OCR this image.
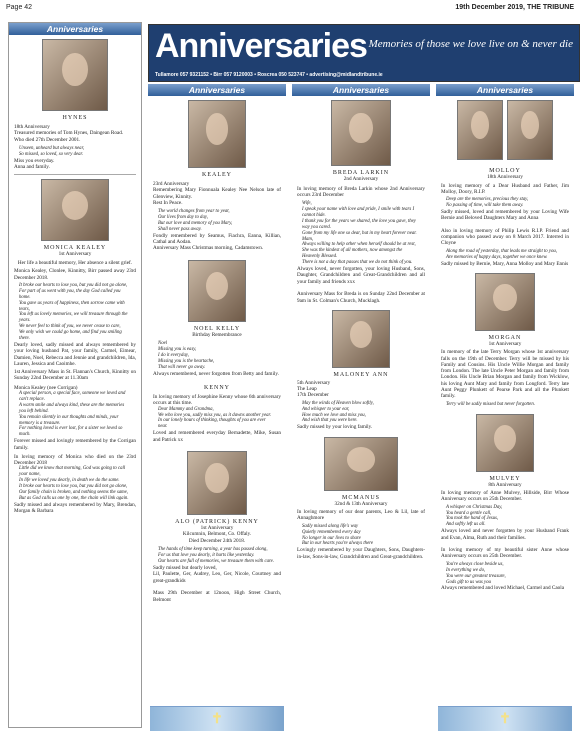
Page 42	19th December 2019, THE TRIBUNE
Anniversaries
HYNES
18th Anniversary
Treasured memories of Tom Hynes, Daingean Road.
Who died 27th December 2001.
Unseen, unheard but always near,
So missed, so loved, so very dear.
Miss you everyday.
Anna and family.
MONICA KEALEY
1st Anniversary
Her life a beautiful memory, Her absence a silent grief.
Monica Kealey, Clonlee, Kinnitty, Birr passed away 23rd December 2018.
It broke our hearts to lose you, but you did not go alone,
For part of us went with you, the day God called you home.
You gave us years of happiness, then sorrow came with tears,
You left us lovely memories, we will treasure through the years.
We never feel to think of you, we never cease to care,
We only wish we could go home, and find you smiling there.
Dearly loved, sadly missed and always remembered by your loving husband Pat, your family, Carmel, Eimear, Damien, Noel, Rebecca and Jennie and grandchildren, Ida, Lauren, Jessica and Caoimhe.
1st Anniversary Mass in St. Flannan's Church, Kinnitty on Sunday 22nd December at 11.30am
Monica Kealey (nee Corrigan)
A special person, a special face, someone we loved and can't replace.
A warm smile and always kind, these are the memories you left behind.
You remain silently in our thoughts and minds, your memory is a treasure.
For nothing loved is ever lost, for a sister we loved so much.
Forever missed and lovingly remembered by the Corrigan family.
In loving memory of Monica who died on the 23rd December 2018
Little did we know that morning, God was going to call your name,
In life we loved you dearly, in death we do the same.
It broke our hearts to lose you, but you did not go alone,
Our family chain is broken, and nothing seems the same,
But as God calls us one by one, the chain will link again.
Sadly missed and always remembered by Mary, Brendan, Morgan & Barbara
Anniversaries Memories of those we love live on & never die
Tullamore 057 9321152 • Birr 057 9120003 • Roscrea 050 523747 • advertising@midlandtribune.ie
Anniversaries
KEALEY
23rd Anniversary
Remembering Mary Fionnuala Kealey Nee Nelson late of Glenview, Kinnity.
Rest In Peace.
The world changes from year to year,
Our lives from day to day,
But our love and memory of you Mary,
Shall never pass away.
Fondly remembered by Seamus, Fiachra, Eanna, Killian, Cathal and Aodan.
Anniversary Mass Christmas morning, Cadamstown.
NOEL KELLY
Birthday Remembrance
Noel
Missing you is easy,
I do it everyday,
Missing you is the heartache,
That will never go away.
Always remembered, never forgotten from Betty and family.
KENNY
In loving memory of Josephine Kenny whose 6th anniversary occurs at this time.
Dear Mammy and Grandma,
We who love you, sadly miss you, as it dawns another year.
In our lonely hours of thinking, thoughts of you are ever near.
Loved and remembered everyday Bernadette, Mike, Susan and Patrick xx
ALO (PATRICK) KENNY
1st Anniversary
Kilcumnin, Belmont, Co. Offaly.
Died December 24th 2018.
The hands of time keep turning, a year has passed along,
For us that love you dearly, it hurts like yesterday.
Our hearts are full of memories, we treasure them with care.
Sadly missed but dearly loved,
Lil, Paulette, Ger, Audrey, Leo, Ger, Nicole, Courtney and great-grandkids

Mass 29th December at 12noon, High Street Church, Belmont
Anniversaries
BREDA LARKIN
2nd Anniversary
In loving memory of Breda Larkin whose 2nd Anniversary occurs 23rd December
Wife,
I speak your name with love and pride, I smile with tears I cannot hide.
I thank you for the years we shared, the love you gave, they way you cared.
Gone from my life one so dear, but in my heart forever near.
Mam,
Always willing to help other when herself should be at rest,
She was the kindest of all mothers, now amongst the Heavenly Blessed.
There is not a day that passes that we do not think of you.
Always loved, never forgotten, your loving Husband, Sons, Daughter, Grandchildren and Great-Grandchildren and all your family and friends xxx

Anniversary Mass for Breda is on Sunday 22nd December at 9am in St. Colman's Church, Mucklagh.
MALONEY ANN
5th Anniversary
The Leap
17th December
May the winds of Heaven blow softly,
And whisper to your ear,
How much we love and miss you,
And wish that you were here.
Sadly missed by your loving family.
MCMANUS
32nd & 13th Anniversary
In loving memory of our dear parents, Leo & Lil, late of Annaghmore
Sadly missed along life's way
Quietly remembered every day
No longer in our lives to share
But in our hearts you're always there
Lovingly remembered by your Daughters, Sons, Daughters-in-law, Sons-in-law, Grandchildren and Great-grandchildren.
Anniversaries
MOLLOY
18th Anniversary
In loving memory of a Dear Husband and Father, Jim Molloy, Doory, R.I.P.
Deep are the memories, precious they stay,
No passing of time, will take them away.
Sadly missed, loved and remembered by your Loving Wife Bernie and Beloved Daughters Mary and Anna

Also in loving memory of Philip Lewis R.I.P. Friend and companion who passed away on 8 March 2017. Interred in Cloyne
Along the road of yesterday, that leads me straight to you,
Are memories of happy days, together we once knew.
Sadly missed by Bernie, Mary, Anna Molloy and Mary Ennis
MORGAN
1st Anniversary
In memory of the late Terry Morgan whose 1st anniversary falls on the 19th of December. Terry will be missed by his Family and Cousins. His Uncle Willie Morgan and family from London. The late Uncle Peter Morgan and family from London. His Uncle Brian Morgan and family from Wicklow, his loving Aunt Mary and family from Longford. Terry late Aunt Peggy Plunkett of Pearse Park and all the Plunkett family.
Terry will be sadly missed but never forgotten.
MULVEY
8th Anniversary
In loving memory of Anne Mulvey, Hillside, Birr Whose Anniversary occurs on 25th December.
A whisper on Christmas Day,
You heard a gentle call,
You took the hand of Jesus,
And softly left us all.
Always loved and never forgotten by your Husband Frank and Evan, Alma, Ruth and their families.

In loving memory of my beautiful sister Anne whose Anniversary occurs on 25th December.
You're always close beside us,
In everything we do,
You were our greatest treasure,
Gods gift to us was you
Always remembered and loved Michael, Carmel and Caola
✝	✝
